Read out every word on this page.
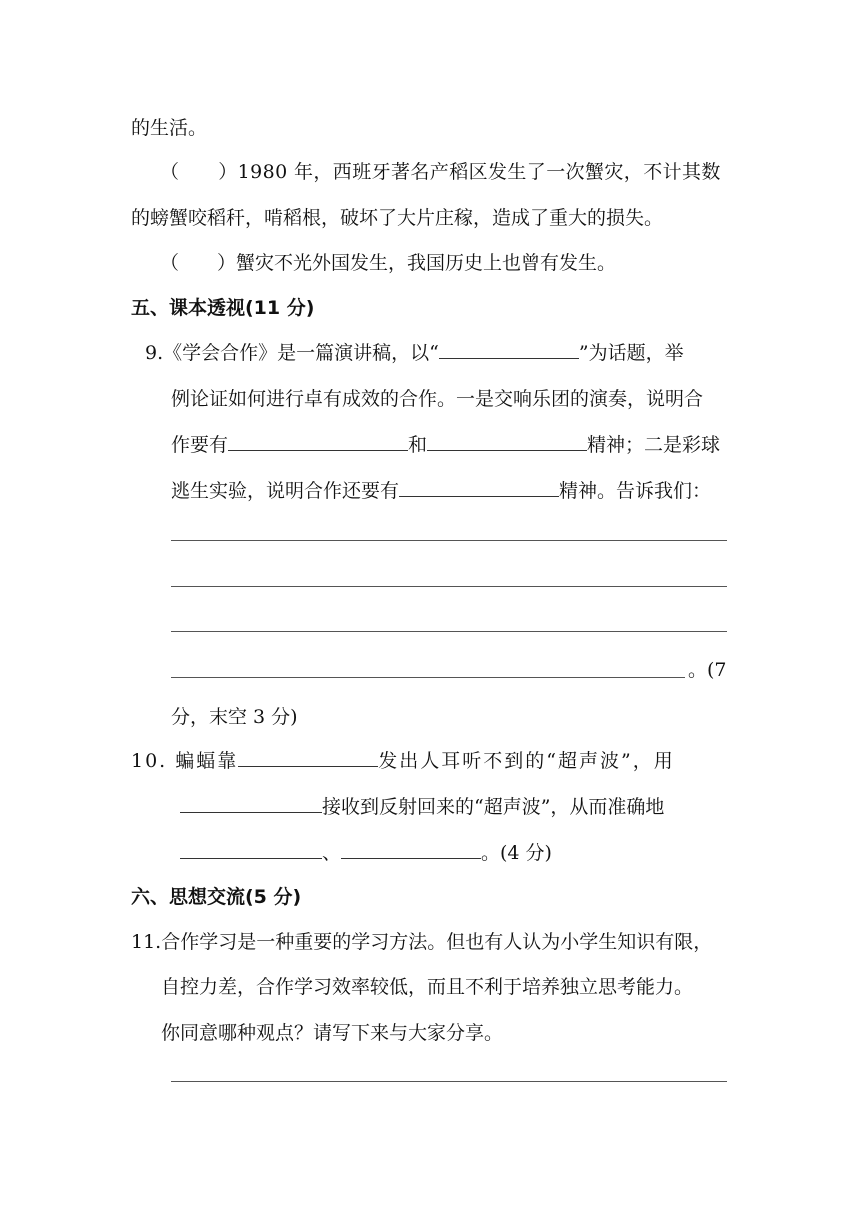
的生活。
（　　）1980 年，西班牙著名产稻区发生了一次蟹灾，不计其数
的螃蟹咬稻秆，啃稻根，破坏了大片庄稼，造成了重大的损失。
（　　）蟹灾不光外国发生，我国历史上也曾有发生。
五、课本透视(11 分)
9.《学会合作》是一篇演讲稿，以“	”为话题，举
例论证如何进行卓有成效的合作。一是交响乐团的演奏，说明合
作要有	和	精神；二是彩球
逃生实验，说明合作还要有	精神。告诉我们：
。(7
分，末空 3 分)
10. 蝙蝠靠	发出人耳听不到的“超声波”，用
接收到反射回来的“超声波”，从而准确地
、	。(4 分)
六、思想交流(5 分)
11.合作学习是一种重要的学习方法。但也有人认为小学生知识有限，
自控力差，合作学习效率较低，而且不利于培养独立思考能力。
你同意哪种观点？请写下来与大家分享。
